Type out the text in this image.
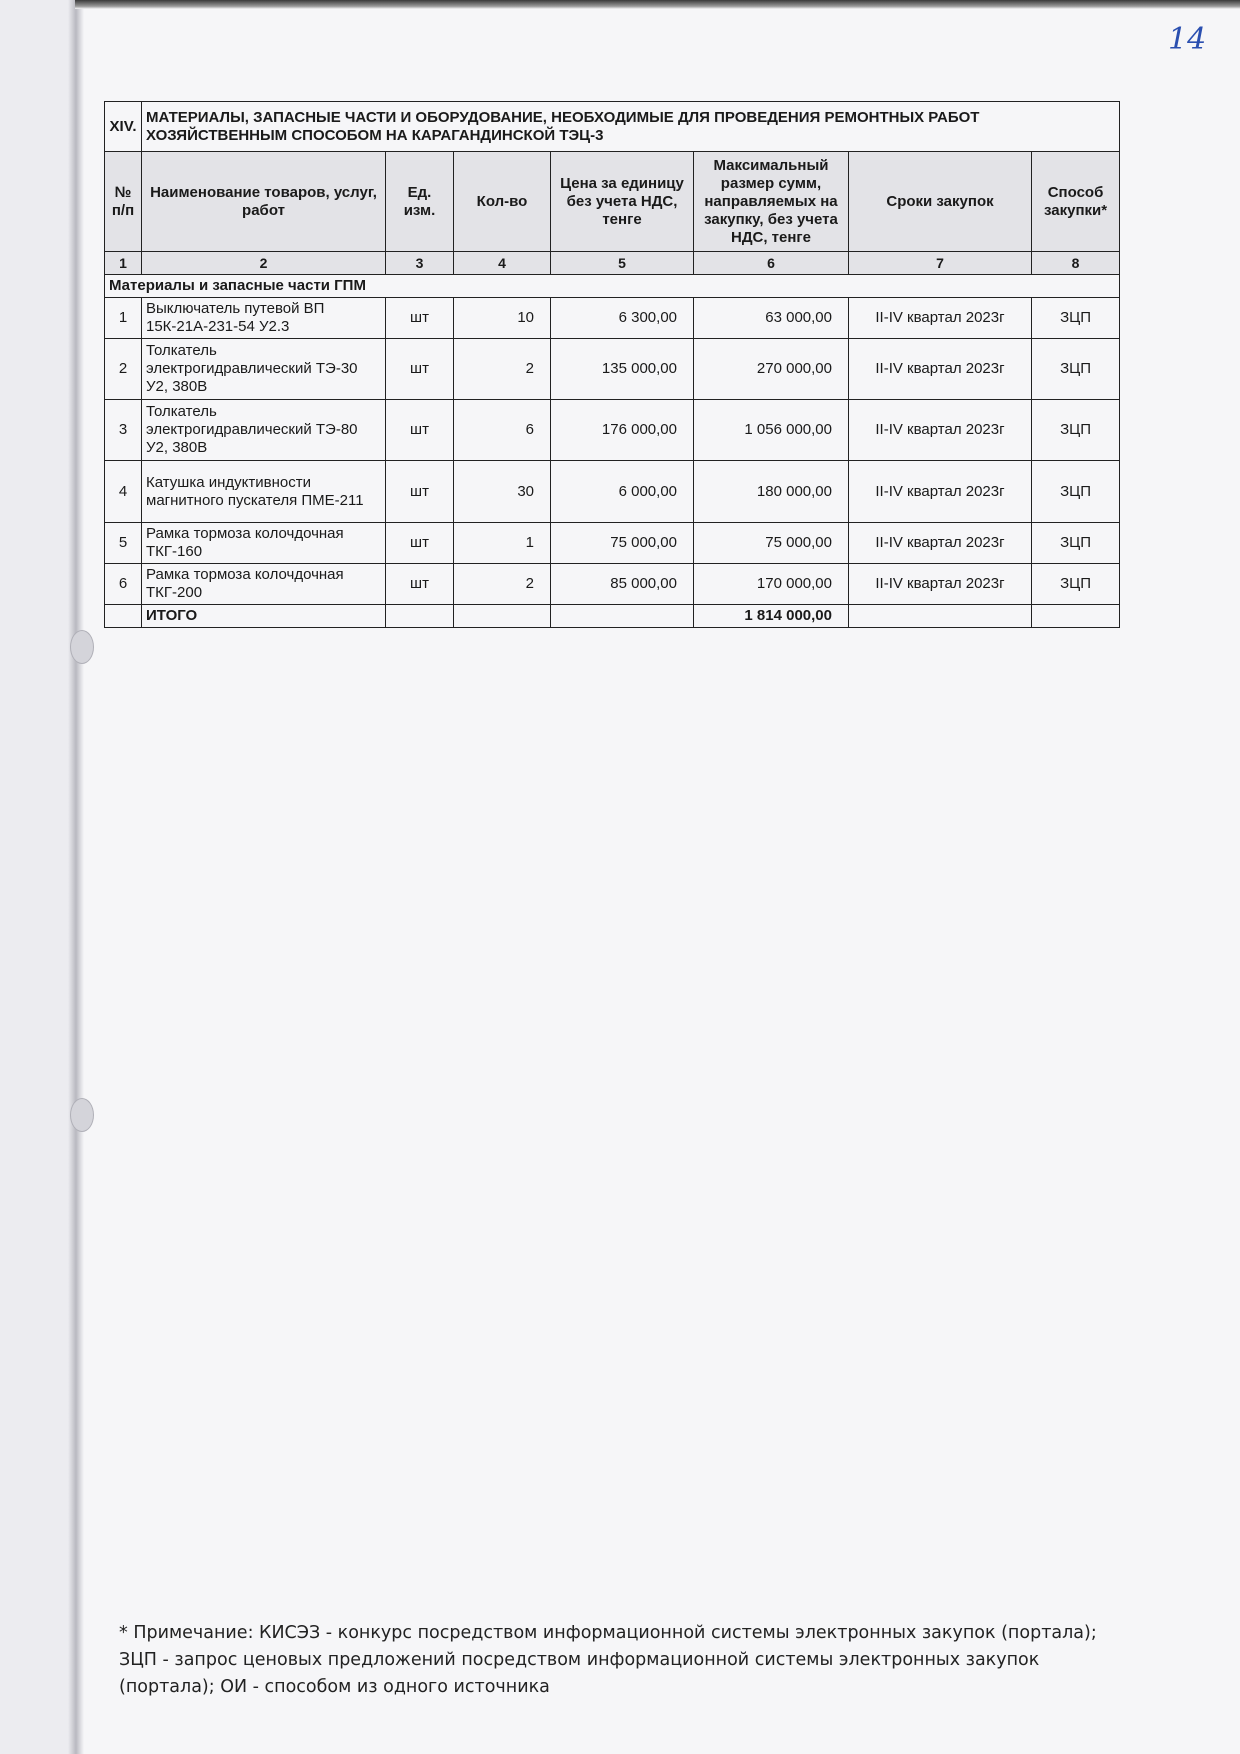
14
XIV.	МАТЕРИАЛЫ, ЗАПАСНЫЕ ЧАСТИ И ОБОРУДОВАНИЕ, НЕОБХОДИМЫЕ ДЛЯ ПРОВЕДЕНИЯ РЕМОНТНЫХ РАБОТ ХОЗЯЙСТВЕННЫМ СПОСОБОМ НА КАРАГАНДИНСКОЙ ТЭЦ-3						
№ п/п	Наименование товаров, услуг, работ	Ед. изм.	Кол-во	Цена за единицу без учета НДС, тенге	Максимальный размер сумм, направляемых на закупку, без учета НДС, тенге	Сроки закупок	Способ закупки*
1	2	3	4	5	6	7	8
Материалы и запасные части ГПМ							
1	Выключатель путевой ВП 15К-21А-231-54 У2.3	шт	10	6 300,00	63 000,00	II-IV квартал 2023г	ЗЦП
2	Толкатель электрогидравлический ТЭ-30 У2, 380В	шт	2	135 000,00	270 000,00	II-IV квартал 2023г	ЗЦП
3	Толкатель электрогидравлический ТЭ-80 У2, 380В	шт	6	176 000,00	1 056 000,00	II-IV квартал 2023г	ЗЦП
4	Катушка индуктивности магнитного пускателя ПМЕ-211	шт	30	6 000,00	180 000,00	II-IV квартал 2023г	ЗЦП
5	Рамка тормоза колочдочная ТКГ-160	шт	1	75 000,00	75 000,00	II-IV квартал 2023г	ЗЦП
6	Рамка тормоза колочдочная ТКГ-200	шт	2	85 000,00	170 000,00	II-IV квартал 2023г	ЗЦП
	ИТОГО				1 814 000,00		
* Примечание: КИСЭЗ - конкурс посредством информационной системы электронных закупок (портала); ЗЦП - запрос ценовых предложений посредством информационной системы электронных закупок (портала); ОИ - способом из одного источника
